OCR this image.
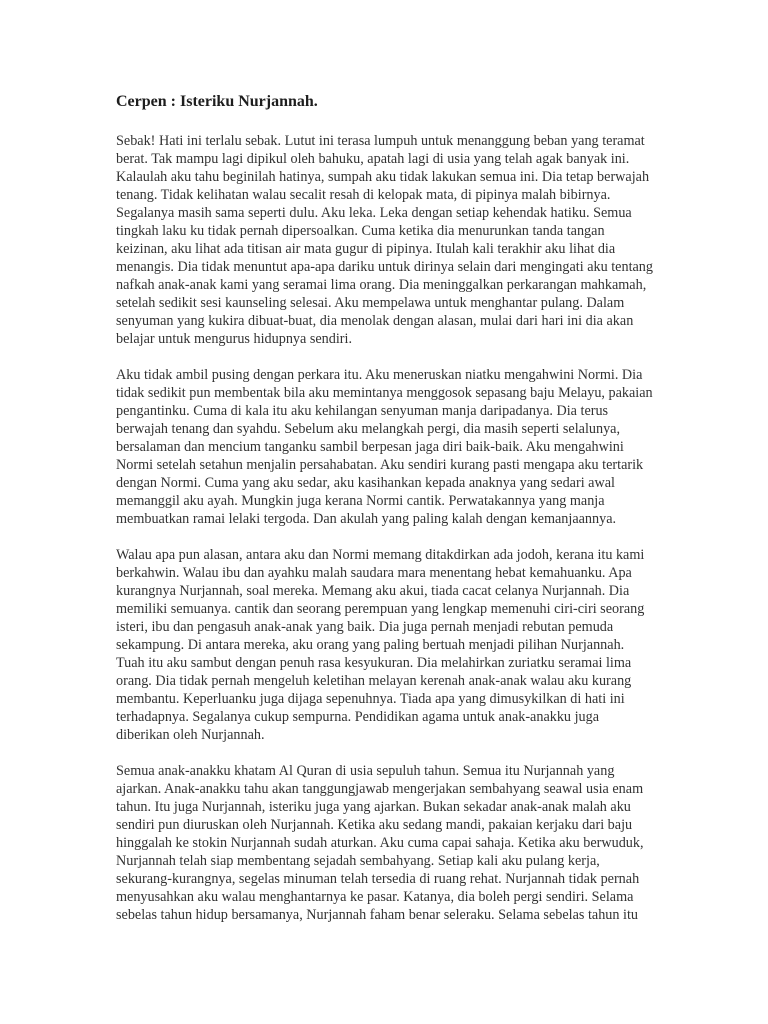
Cerpen : Isteriku Nurjannah.

Sebak! Hati ini terlalu sebak. Lutut ini terasa lumpuh untuk menanggung beban yang teramat berat. Tak mampu lagi dipikul oleh bahuku, apatah lagi di usia yang telah agak banyak ini. Kalaulah aku tahu beginilah hatinya, sumpah aku tidak lakukan semua ini. Dia tetap berwajah tenang. Tidak kelihatan walau secalit resah di kelopak mata, di pipinya malah bibirnya. Segalanya masih sama seperti dulu. Aku leka. Leka dengan setiap kehendak hatiku. Semua tingkah laku ku tidak pernah dipersoalkan. Cuma ketika dia menurunkan tanda tangan keizinan, aku lihat ada titisan air mata gugur di pipinya. Itulah kali terakhir aku lihat dia menangis. Dia tidak menuntut apa-apa dariku untuk dirinya selain dari mengingati aku tentang nafkah anak-anak kami yang seramai lima orang. Dia meninggalkan perkarangan mahkamah, setelah sedikit sesi kaunseling selesai. Aku mempelawa untuk menghantar pulang. Dalam senyuman yang kukira dibuat-buat, dia menolak dengan alasan, mulai dari hari ini dia akan belajar untuk mengurus hidupnya sendiri.

Aku tidak ambil pusing dengan perkara itu. Aku meneruskan niatku mengahwini Normi. Dia tidak sedikit pun membentak bila aku memintanya menggosok sepasang baju Melayu, pakaian pengantinku. Cuma di kala itu aku kehilangan senyuman manja daripadanya. Dia terus berwajah tenang dan syahdu. Sebelum aku melangkah pergi, dia masih seperti selalunya, bersalaman dan mencium tanganku sambil berpesan jaga diri baik-baik. Aku mengahwini Normi setelah setahun menjalin persahabatan. Aku sendiri kurang pasti mengapa aku tertarik dengan Normi. Cuma yang aku sedar, aku kasihankan kepada anaknya yang sedari awal memanggil aku ayah. Mungkin juga kerana Normi cantik. Perwatakannya yang manja membuatkan ramai lelaki tergoda. Dan akulah yang paling kalah dengan kemanjaannya.

Walau apa pun alasan, antara aku dan Normi memang ditakdirkan ada jodoh, kerana itu kami berkahwin. Walau ibu dan ayahku malah saudara mara menentang hebat kemahuanku. Apa kurangnya Nurjannah, soal mereka. Memang aku akui, tiada cacat celanya Nurjannah. Dia memiliki semuanya. cantik dan seorang perempuan yang lengkap memenuhi ciri-ciri seorang isteri, ibu dan pengasuh anak-anak yang baik. Dia juga pernah menjadi rebutan pemuda sekampung. Di antara mereka, aku orang yang paling bertuah menjadi pilihan Nurjannah. Tuah itu aku sambut dengan penuh rasa kesyukuran. Dia melahirkan zuriatku seramai lima orang. Dia tidak pernah mengeluh keletihan melayan kerenah anak-anak walau aku kurang membantu. Keperluanku juga dijaga sepenuhnya. Tiada apa yang dimusykilkan di hati ini terhadapnya. Segalanya cukup sempurna. Pendidikan agama untuk anak-anakku juga diberikan oleh Nurjannah.

Semua anak-anakku khatam Al Quran di usia sepuluh tahun. Semua itu Nurjannah yang ajarkan. Anak-anakku tahu akan tanggungjawab mengerjakan sembahyang seawal usia enam tahun. Itu juga Nurjannah, isteriku juga yang ajarkan. Bukan sekadar anak-anak malah aku sendiri pun diuruskan oleh Nurjannah. Ketika aku sedang mandi, pakaian kerjaku dari baju hinggalah ke stokin Nurjannah sudah aturkan. Aku cuma capai sahaja. Ketika aku berwuduk, Nurjannah telah siap membentang sejadah sembahyang. Setiap kali aku pulang kerja, sekurang-kurangnya, segelas minuman telah tersedia di ruang rehat. Nurjannah tidak pernah menyusahkan aku walau menghantarnya ke pasar. Katanya, dia boleh pergi sendiri. Selama sebelas tahun hidup bersamanya, Nurjannah faham benar seleraku. Selama sebelas tahun itu
